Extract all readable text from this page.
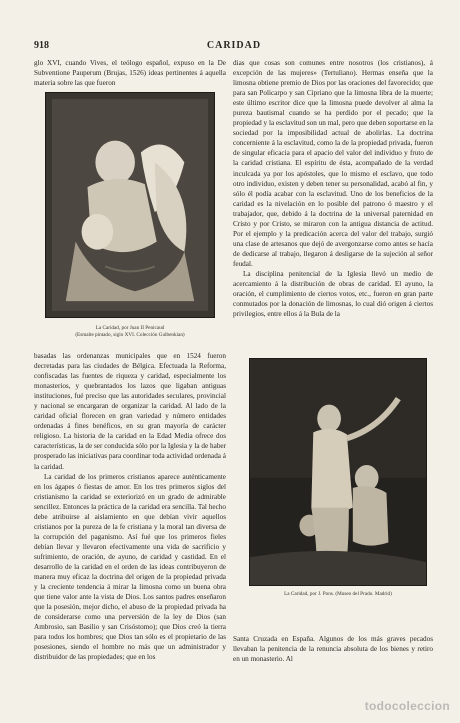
918	CARIDAD

glo XVI, cuando Vives, el teólogo español, expuso en la De Subventione Pauperum (Brujas, 1526) ideas pertinentes á aquella materia sobre las que fueron

La Caridad, por Juan II Penicaud
(Esmalte pintado, siglo XVI. Colección Gulbenkian)

basadas las ordenanzas municipales que en 1524 fueron decretadas para las ciudades de Bélgica. Efectuada la Reforma, confiscadas las fuentes de riqueza y caridad, especialmente los monasterios, y quebrantados los lazos que ligaban antiguas instituciones, fué preciso que las autoridades seculares, provincial y nacional se encargaran de organizar la caridad. Al lado de la caridad oficial florecen en gran variedad y número entidades ordenadas á fines benéficos, en su gran mayoría de carácter religioso. La historia de la caridad en la Edad Media ofrece dos características, la de ser conducida sólo por la Iglesia y la de haber prosperado las iniciativas para coordinar toda actividad ordenada á la caridad.

La caridad de los primeros cristianos aparece auténticamente en los ágapes ó fiestas de amor. En los tres primeros siglos del cristianismo la caridad se exteriorizó en un grado de admirable sencillez. Entonces la práctica de la caridad era sencilla. Tal hecho debe atribuirse al aislamiento en que debían vivir aquellos cristianos por la pureza de la fe cristiana y la moral tan diversa de la corrupción del paganismo. Así fué que los primeros fieles debían llevar y llevaron efectivamente una vida de sacrificio y sufrimiento, de oración, de ayuno, de caridad y castidad. En el desarrollo de la caridad en el orden de las ideas contribuyeron de manera muy eficaz la doctrina del origen de la propiedad privada y la creciente tendencia á mirar la limosna como un buena obra que tiene valor ante la vista de Dios. Los santos padres enseñaron que la posesión, mejor dicho, el abuso de la propiedad privada ha de considerarse como una perversión de la ley de Dios (san Ambrosio, san Basilio y san Crisóstomo); que Dios creó la tierra para todos los hombres; que Dios tan sólo es el propietario de las posesiones, siendo el hombre no más que un administrador y distribuidor de las propiedades; que en los

dias que cosas son comunes entre nosotros (los cristianos), á excepción de las mujeres» (Tertuliano). Hermas enseña que la limosna obtiene premio de Dios por las oraciones del favorecido; que para san Policarpo y san Cipriano que la limosna libra de la muerte; este último escritor dice que la limosna puede devolver al alma la pureza bautismal cuando se ha perdido por el pecado; que la propiedad y la esclavitud son un mal, pero que deben soportarse en la sociedad por la imposibilidad actual de abolirlas. La doctrina concerniente á la esclavitud, como la de la propiedad privada, fueron de singular eficacia para el apacio del valor del individuo y fruto de la caridad cristiana. El espíritu de ésta, acompañado de la verdad inculcada ya por los apóstoles, que lo mismo el esclavo, que todo otro individuo, existen y deben tener su personalidad, acabó al fin, y sólo él podía acabar con la esclavitud. Uno de los beneficios de la caridad es la nivelación en lo posible del patrono ó maestro y el trabajador, que, debido á la doctrina de la universal paternidad en Cristo y por Cristo, se miraron con la antigua distancia de actitud. Por el ejemplo y la predicación acerca del valor del trabajo, surgió una clase de artesanos que dejó de avergonzarse como antes se hacía de dedicarse al trabajo, llegaron á desligarse de la sujeción al señor feudal.

La disciplina penitencial de la Iglesia llevó un medio de acercamiento á la distribución de obras de caridad. El ayuno, la oración, el cumplimiento de ciertos votos, etc., fueron en gran parte conmutados por la donación de limosnas, lo cual dió origen á ciertos privilegios, entre ellos á la Bula de la

La Caridad, por J. Pons. (Museo del Prado. Madrid)

Santa Cruzada en España. Algunos de los más graves pecados llevaban la penitencia de la renuncia absoluta de los bienes y retiro en un monasterio. Al

todocoleccion
